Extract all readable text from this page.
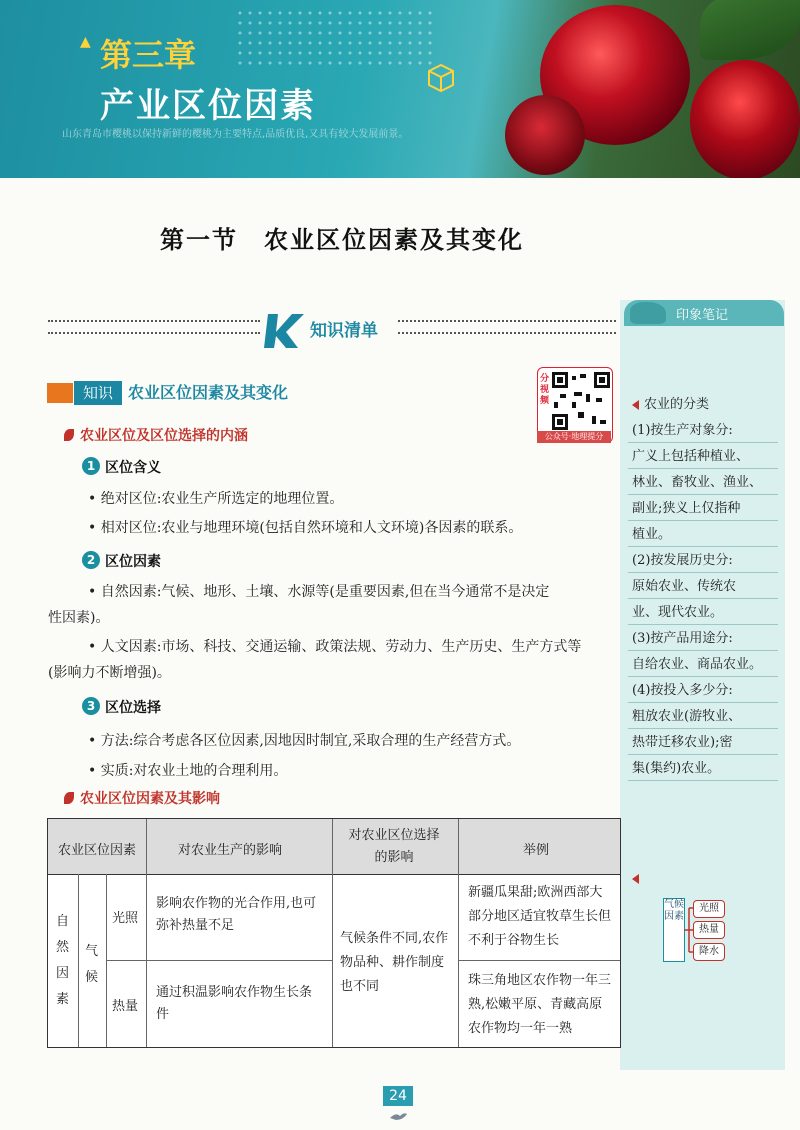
▲ 第三章
产业区位因素
山东青岛市樱桃以保持新鲜的樱桃为主要特点,品质优良,又具有较大发展前景。
第一节　农业区位因素及其变化
知识清单
知识 农业区位因素及其变化
分视频
公众号·地理提分
农业区位及区位选择的内涵
1 区位含义
• 绝对区位:农业生产所选定的地理位置。
• 相对区位:农业与地理环境(包括自然环境和人文环境)各因素的联系。
2 区位因素
• 自然因素:气候、地形、土壤、水源等(是重要因素,但在当今通常不是决定
性因素)。
• 人文因素:市场、科技、交通运输、政策法规、劳动力、生产历史、生产方式等
(影响力不断增强)。
3 区位选择
• 方法:综合考虑各区位因素,因地因时制宜,采取合理的生产经营方式。
• 实质:对农业土地的合理利用。
农业区位因素及其影响
印象笔记
农业的分类
(1)按生产对象分:
广义上包括种植业、
林业、畜牧业、渔业、
副业;狭义上仅指种
植业。
(2)按发展历史分:
原始农业、传统农
业、现代农业。
(3)按产品用途分:
自给农业、商品农业。
(4)按投入多少分:
粗放农业(游牧业、
热带迁移农业);密
集(集约)农业。
气候因素
光照
热量
降水
农业区位因素	对农业生产的影响
对农业区位选择的影响	举例
自然因素
气候
光照
影响农作物的光合作用,也可弥补热量不足
新疆瓜果甜;欧洲西部大部分地区适宜牧草生长但不利于谷物生长
热量
通过积温影响农作物生长条件
珠三角地区农作物一年三熟,松嫩平原、青藏高原农作物均一年一熟
气候条件不同,农作物品种、耕作制度也不同
24
